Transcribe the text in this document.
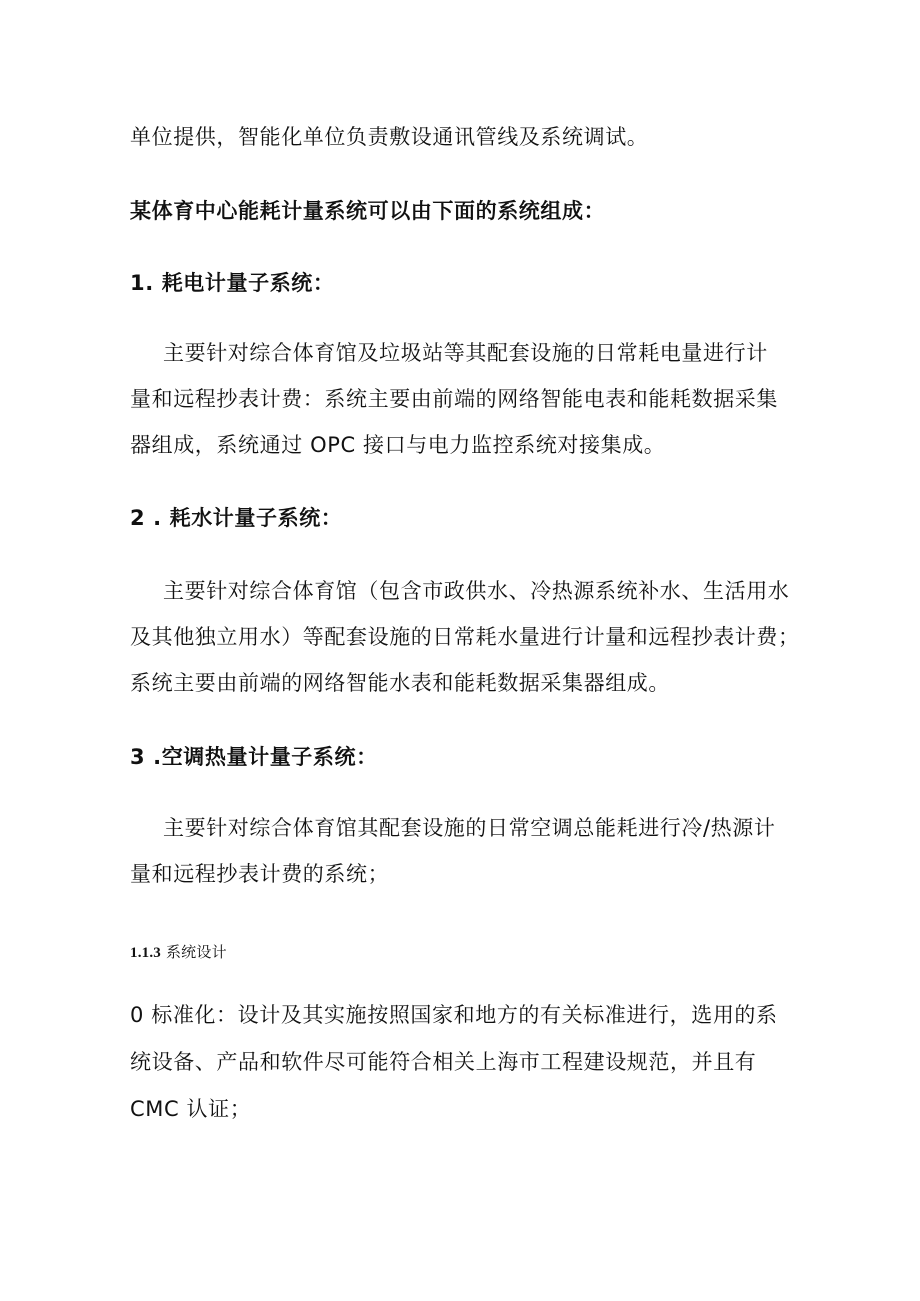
单位提供，智能化单位负责敷设通讯管线及系统调试。
某体育中心能耗计量系统可以由下面的系统组成：
1. 耗电计量子系统：
主要针对综合体育馆及垃圾站等其配套设施的日常耗电量进行计
量和远程抄表计费：系统主要由前端的网络智能电表和能耗数据采集
器组成，系统通过 OPC 接口与电力监控系统对接集成。
2 . 耗水计量子系统：
主要针对综合体育馆（包含市政供水、冷热源系统补水、生活用水
及其他独立用水）等配套设施的日常耗水量进行计量和远程抄表计费；
系统主要由前端的网络智能水表和能耗数据采集器组成。
3 .空调热量计量子系统：
主要针对综合体育馆其配套设施的日常空调总能耗进行冷/热源计
量和远程抄表计费的系统；
1.1.3 系统设计
0 标准化：设计及其实施按照国家和地方的有关标准进行，选用的系
统设备、产品和软件尽可能符合相关上海市工程建设规范，并且有
CMC 认证；
